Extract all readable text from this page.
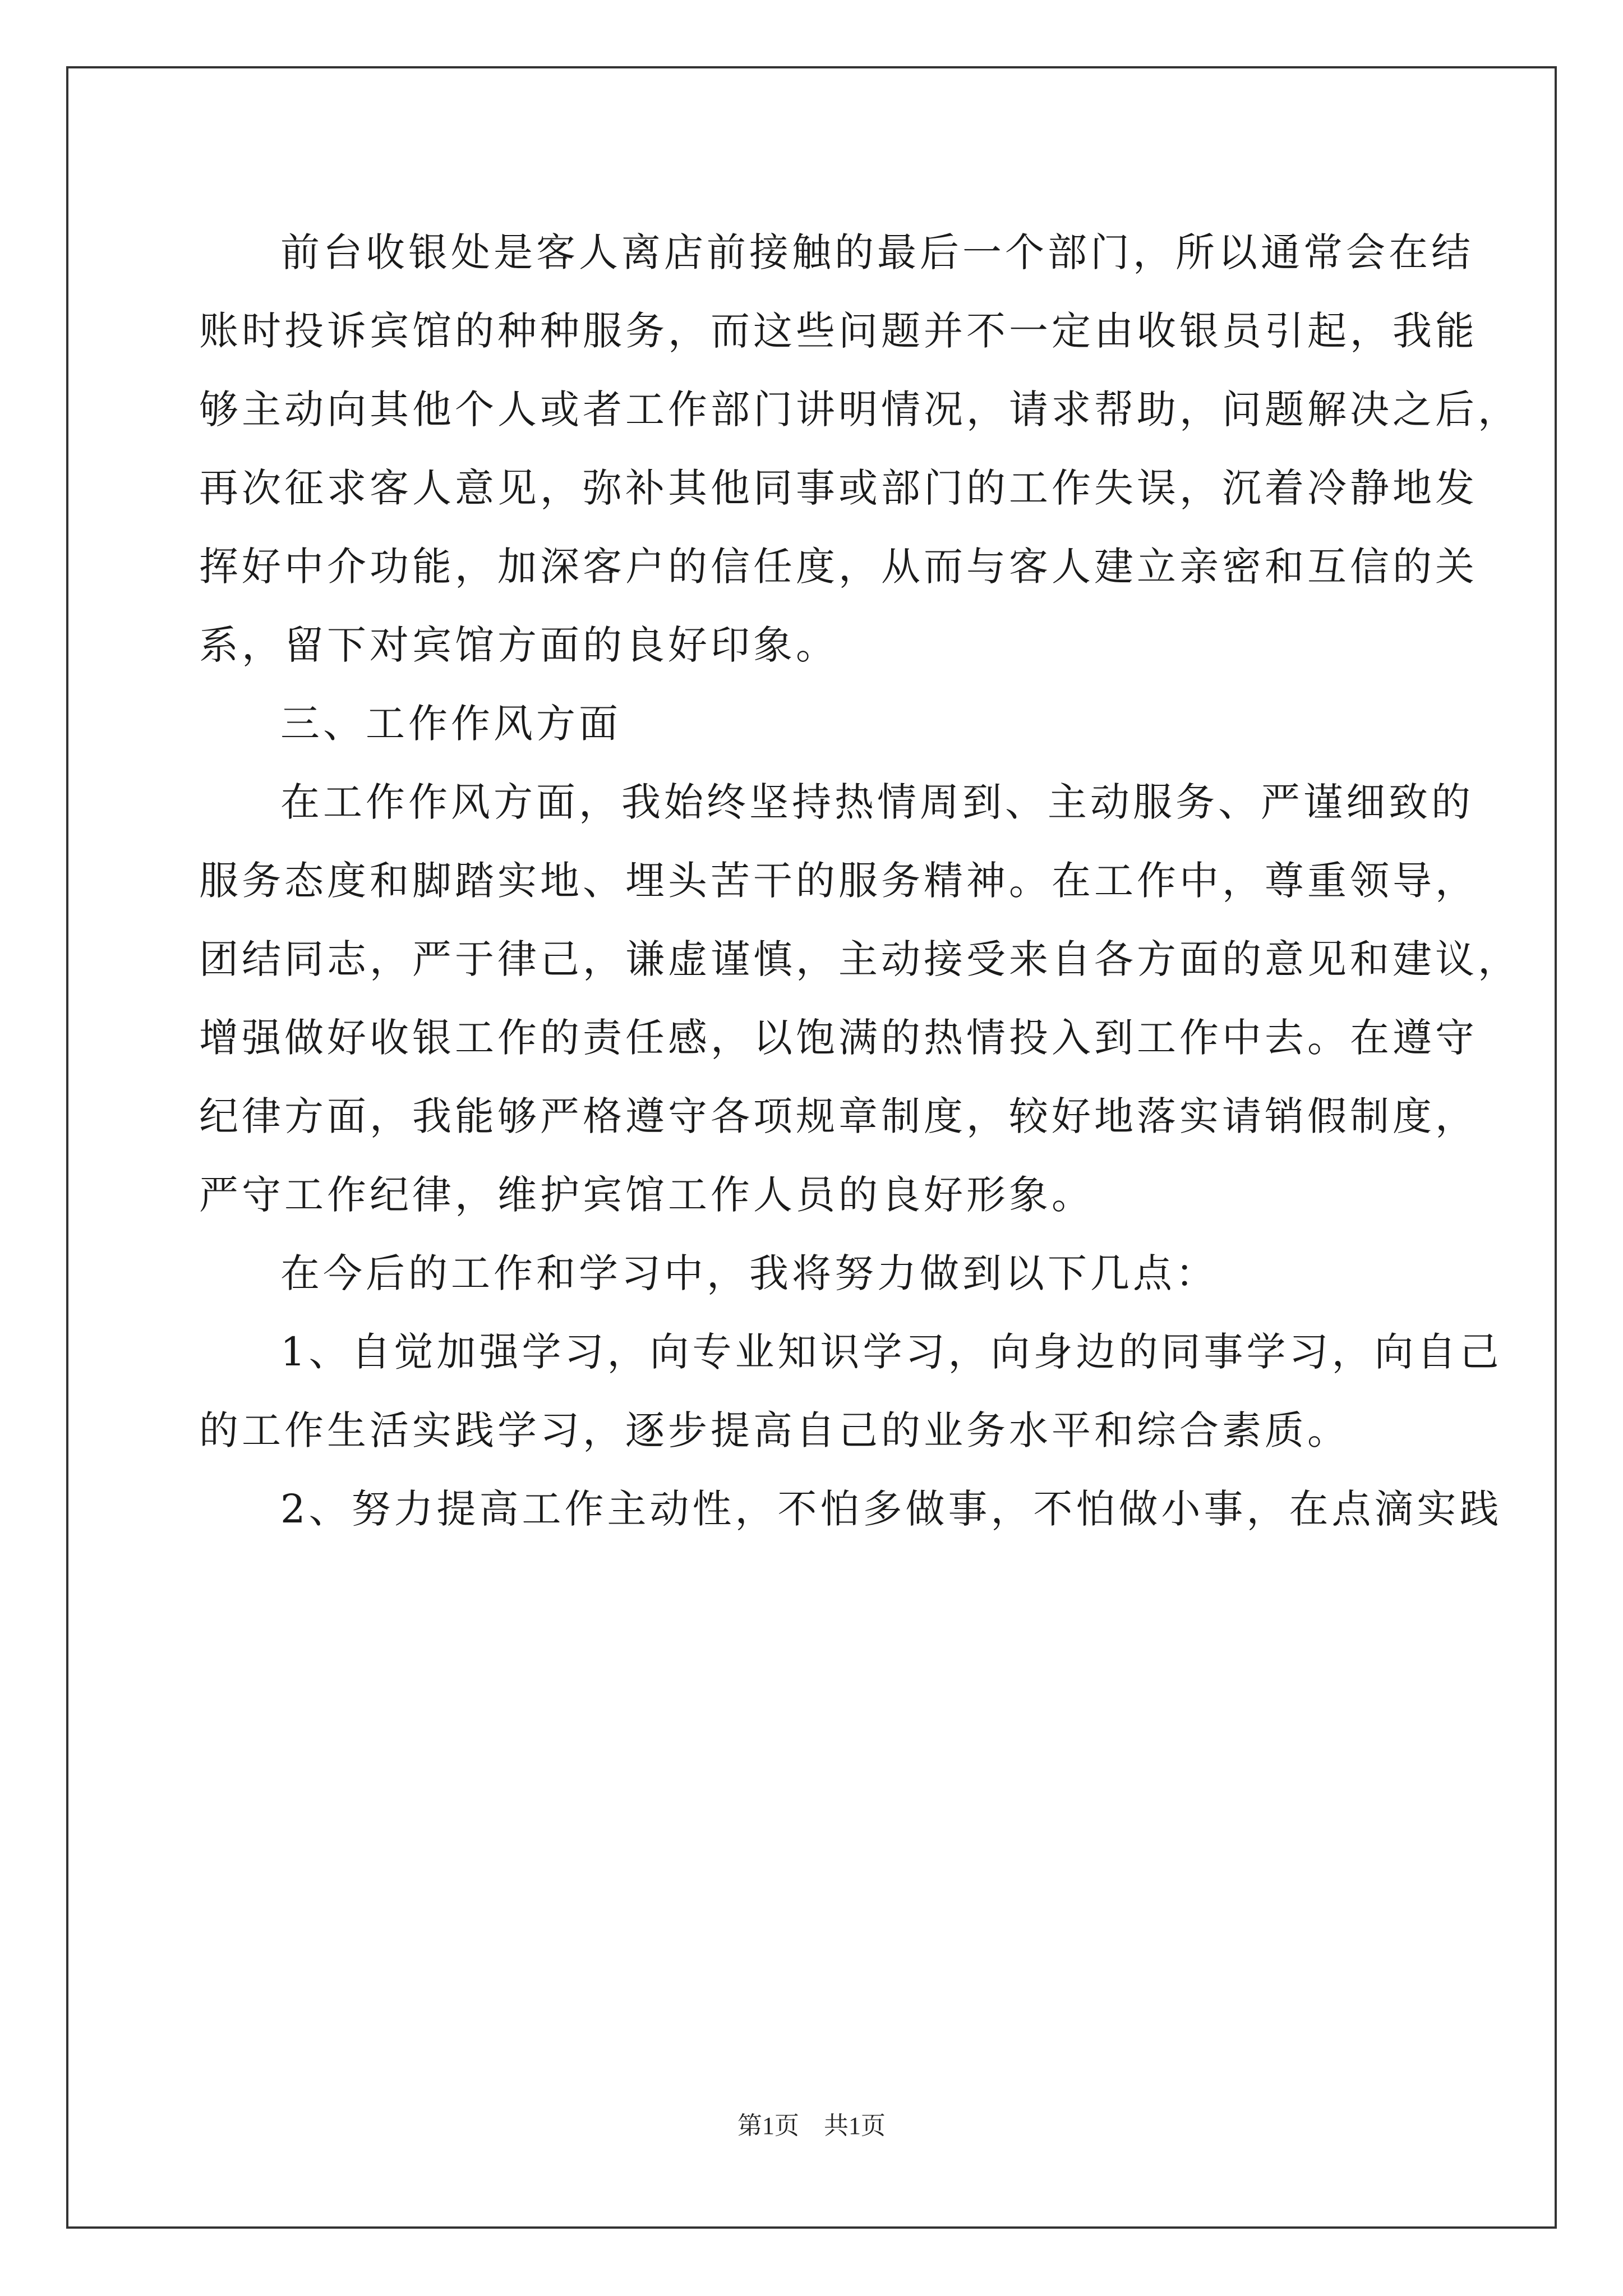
前台收银处是客人离店前接触的最后一个部门，所以通常会在结
账时投诉宾馆的种种服务，而这些问题并不一定由收银员引起，我能
够主动向其他个人或者工作部门讲明情况，请求帮助，问题解决之后，
再次征求客人意见，弥补其他同事或部门的工作失误，沉着冷静地发
挥好中介功能，加深客户的信任度，从而与客人建立亲密和互信的关
系，留下对宾馆方面的良好印象。
三、工作作风方面
在工作作风方面，我始终坚持热情周到、主动服务、严谨细致的
服务态度和脚踏实地、埋头苦干的服务精神。在工作中，尊重领导，
团结同志，严于律己，谦虚谨慎，主动接受来自各方面的意见和建议，
增强做好收银工作的责任感，以饱满的热情投入到工作中去。在遵守
纪律方面，我能够严格遵守各项规章制度，较好地落实请销假制度，
严守工作纪律，维护宾馆工作人员的良好形象。
在今后的工作和学习中，我将努力做到以下几点：
1、自觉加强学习，向专业知识学习，向身边的同事学习，向自己
的工作生活实践学习，逐步提高自己的业务水平和综合素质。
2、努力提高工作主动性，不怕多做事，不怕做小事，在点滴实践
第1页　共1页
